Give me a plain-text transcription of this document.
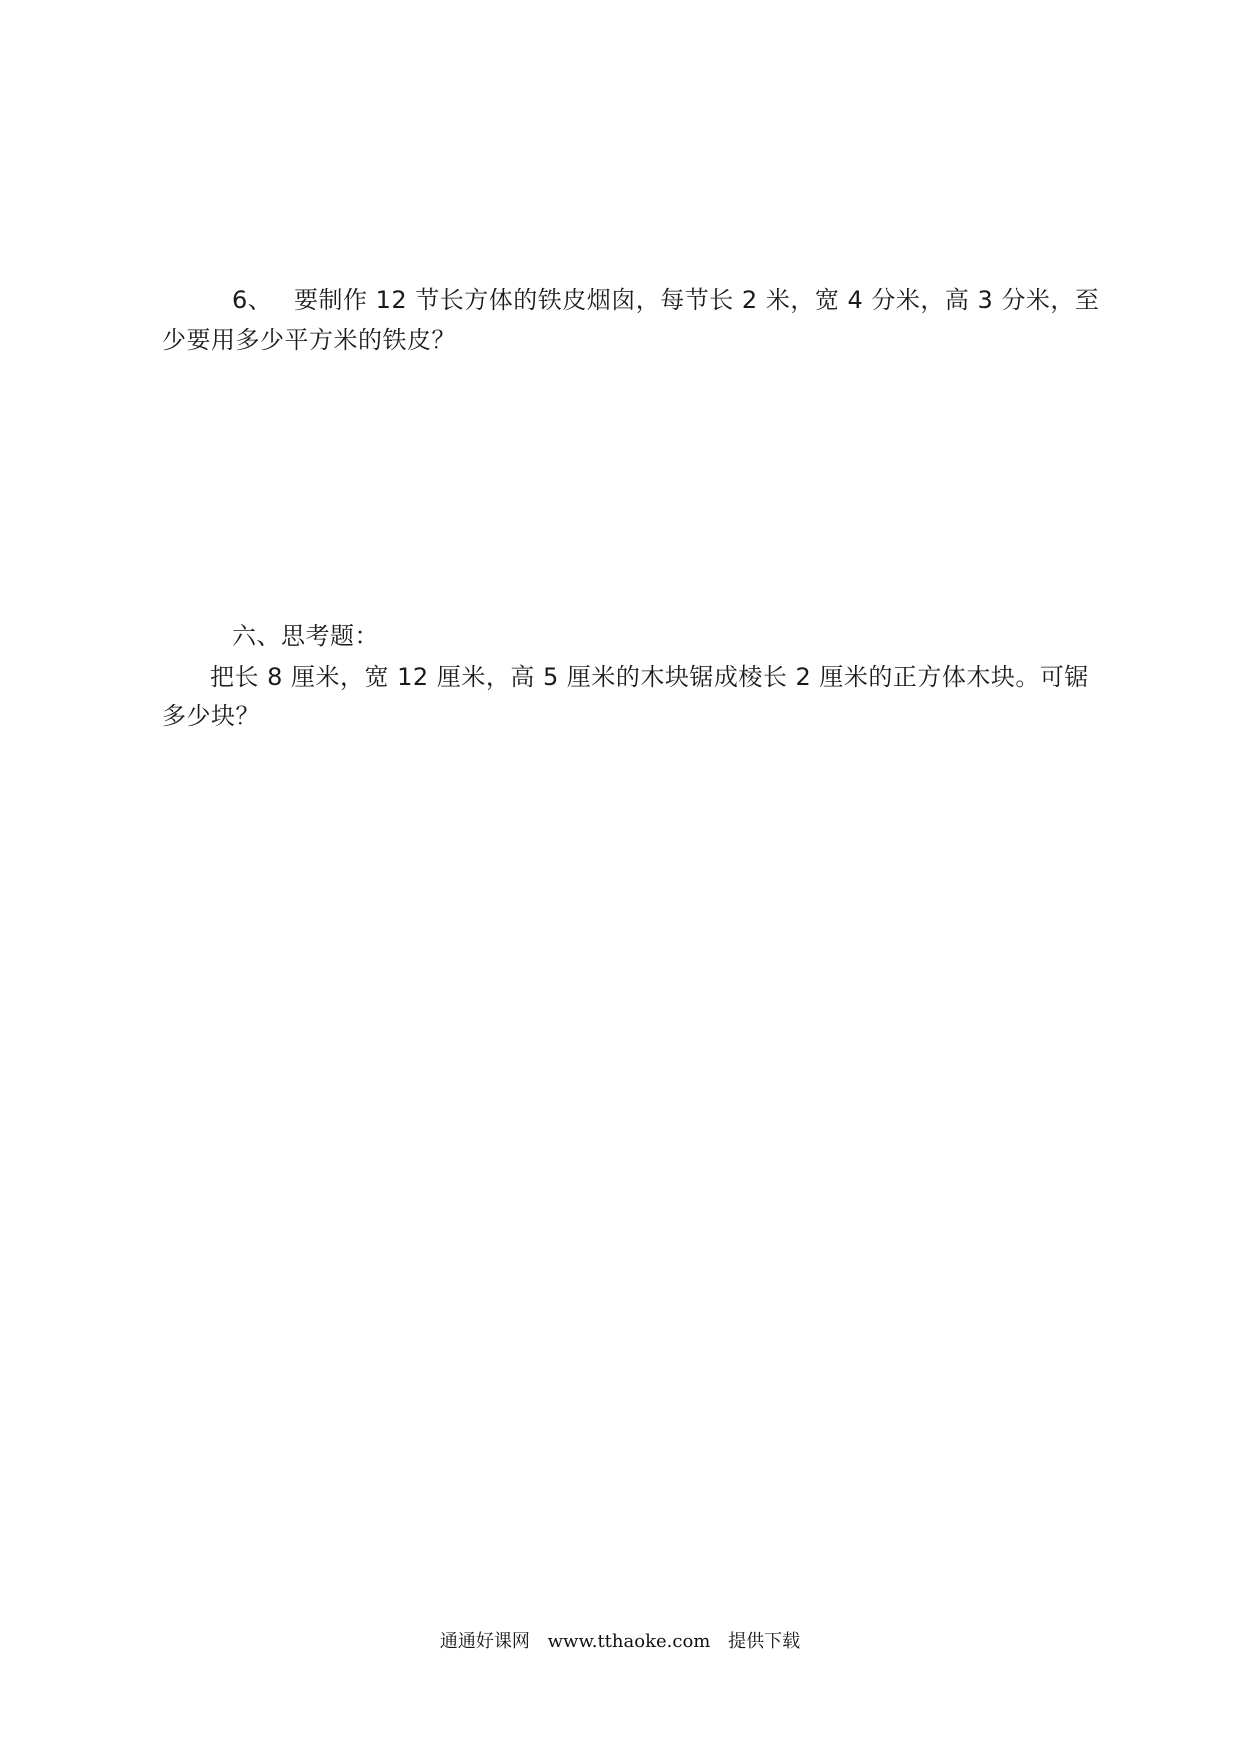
6、 要制作 12 节长方体的铁皮烟囱，每节长 2 米，宽 4 分米，高 3 分米，至
少要用多少平方米的铁皮？
六、思考题：
把长 8 厘米，宽 12 厘米，高 5 厘米的木块锯成棱长 2 厘米的正方体木块。可锯
多少块？
通通好课网 www.tthaoke.com 提供下载
